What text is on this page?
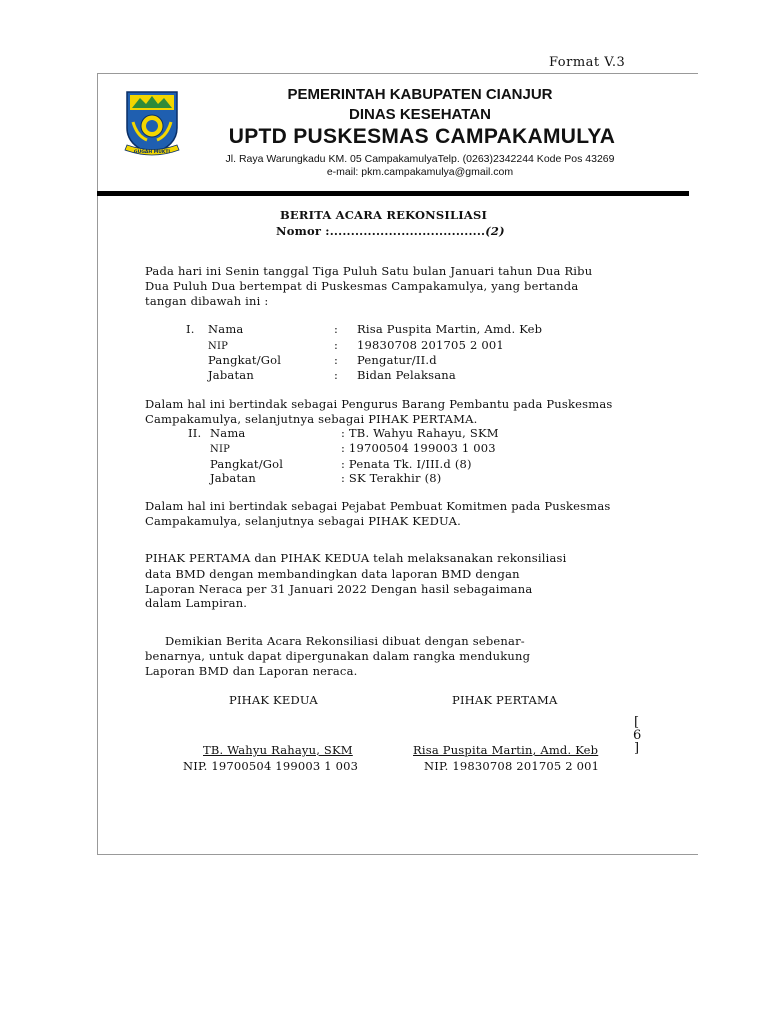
Format V.3
GUGAH MUKTI
PEMERINTAH KABUPATEN CIANJUR
DINAS KESEHATAN
UPTD PUSKESMAS CAMPAKAMULYA
Jl. Raya Warungkadu KM. 05 CampakamulyaTelp. (0263)2342244 Kode Pos 43269
e-mail: pkm.campakamulya@gmail.com
BERITA ACARA REKONSILIASI
Nomor :.....................................(2)
Pada hari ini Senin tanggal Tiga Puluh Satu bulan Januari tahun Dua Ribu
Dua Puluh Dua bertempat di Puskesmas Campakamulya, yang bertanda
tangan dibawah ini :
I. Nama	: Risa Puspita Martin, Amd. Keb
NIP	: 19830708 201705 2 001
Pangkat/Gol	: Pengatur/II.d
Jabatan	: Bidan Pelaksana
Dalam hal ini bertindak sebagai Pengurus Barang Pembantu pada Puskesmas
Campakamulya, selanjutnya sebagai PIHAK PERTAMA.
II. Nama	: TB. Wahyu Rahayu, SKM
NIP	: 19700504 199003 1 003
Pangkat/Gol	: Penata Tk. I/III.d (8)
Jabatan	: SK Terakhir (8)
Dalam hal ini bertindak sebagai Pejabat Pembuat Komitmen pada Puskesmas
Campakamulya, selanjutnya sebagai PIHAK KEDUA.
PIHAK PERTAMA dan PIHAK KEDUA telah melaksanakan rekonsiliasi
data BMD dengan membandingkan data laporan BMD dengan
Laporan Neraca per 31 Januari 2022 Dengan hasil sebagaimana
dalam Lampiran.
Demikian Berita Acara Rekonsiliasi dibuat dengan sebenar-
benarnya, untuk dapat dipergunakan dalam rangka mendukung
Laporan BMD dan Laporan neraca.
PIHAK KEDUA	PIHAK PERTAMA
TB. Wahyu Rahayu, SKM	Risa Puspita Martin, Amd. Keb
NIP. 19700504 199003 1 003	NIP. 19830708 201705 2 001
[
6
]
